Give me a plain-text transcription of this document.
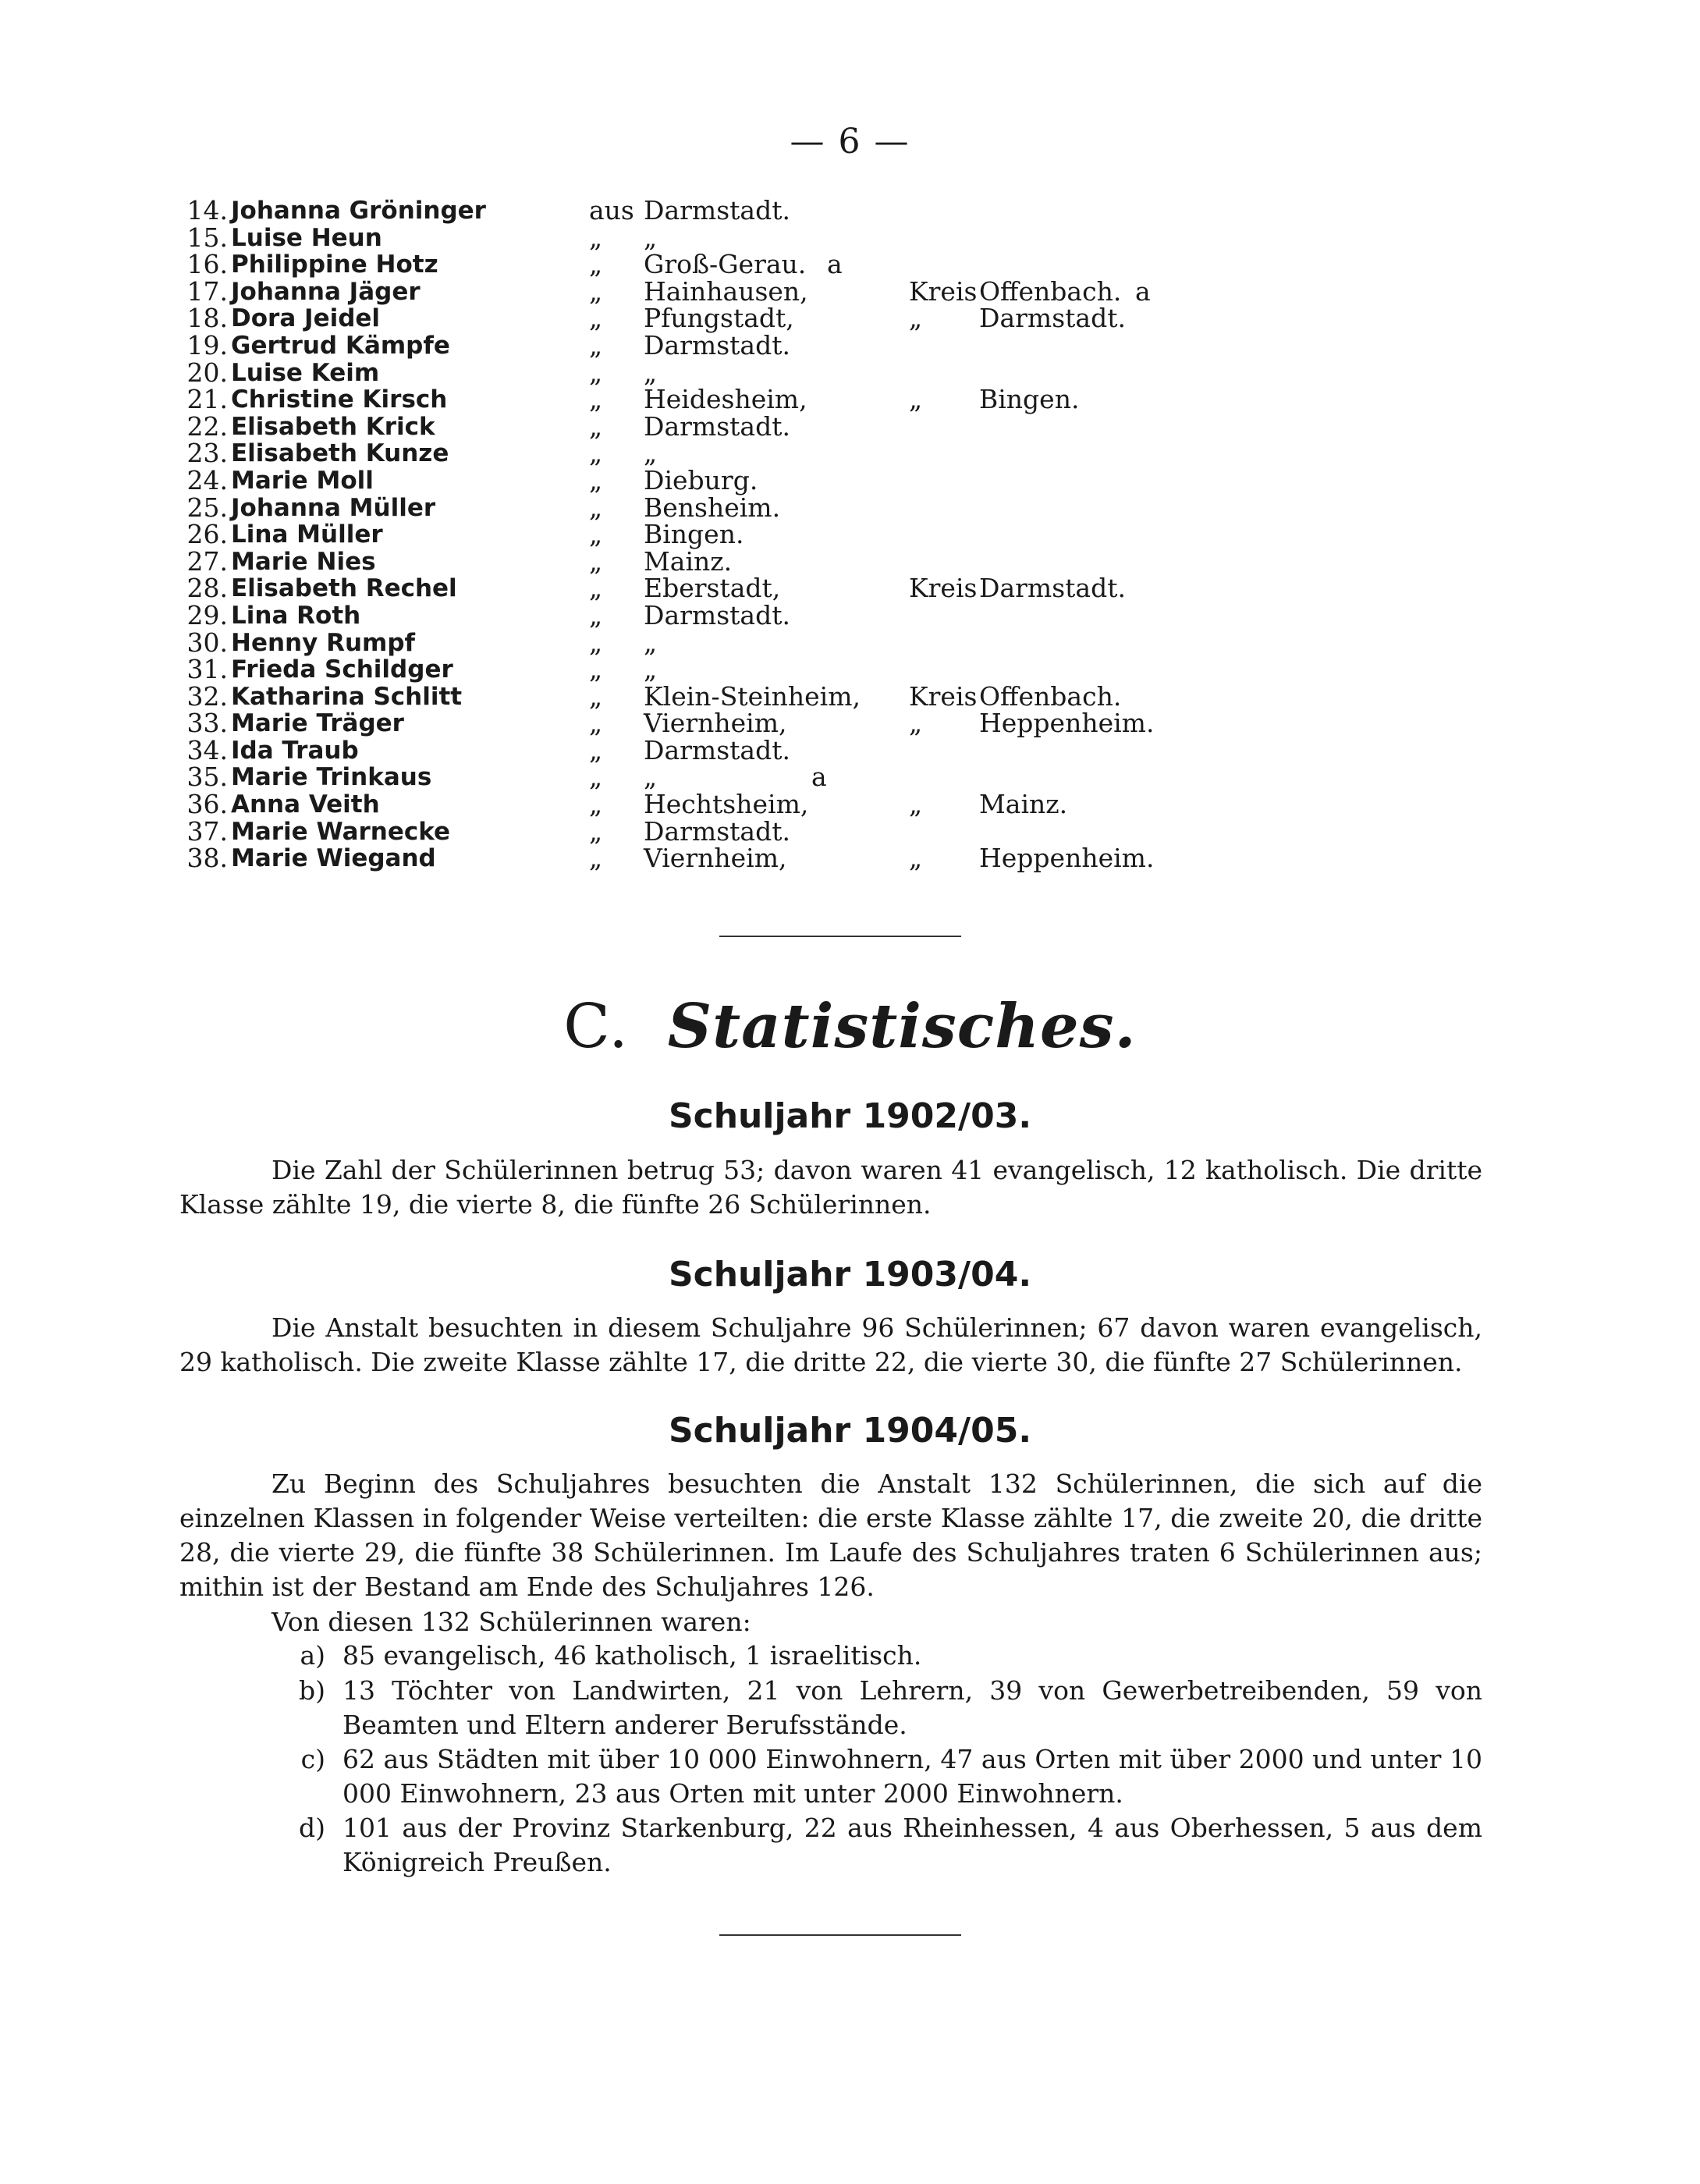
— 6 —
14. Johanna Gröninger	aus Darmstadt.
15. Luise Heun	„ „
16. Philippine Hotz	„ Groß-Gerau. a
17. Johanna Jäger	„ Hainhausen,	KreisOffenbach. a
18. Dora Jeidel	„ Pfungstadt,	„ Darmstadt.
19. Gertrud Kämpfe	„ Darmstadt.
20. Luise Keim	„ „
21. Christine Kirsch	„ Heidesheim,	„ Bingen.
22. Elisabeth Krick	„ Darmstadt.
23. Elisabeth Kunze	„ „
24. Marie Moll	„ Dieburg.
25. Johanna Müller	„ Bensheim.
26. Lina Müller	„ Bingen.
27. Marie Nies	„ Mainz.
28. Elisabeth Rechel	„ Eberstadt,	KreisDarmstadt.
29. Lina Roth	„ Darmstadt.
30. Henny Rumpf	„ „
31. Frieda Schildger	„ „
32. Katharina Schlitt	„ Klein-Steinheim, KreisOffenbach.
33. Marie Träger	„ Viernheim,	„ Heppenheim.
34. Ida Traub	„ Darmstadt.
35. Marie Trinkaus	„ „	a
36. Anna Veith	„ Hechtsheim,	„ Mainz.
37. Marie Warnecke	„ Darmstadt.
38. Marie Wiegand	„ Viernheim,	„ Heppenheim.
C. Statistisches.
Schuljahr 1902/03.
Die Zahl der Schülerinnen betrug 53; davon waren 41 evangelisch, 12 katholisch. Die dritte Klasse zählte 19, die vierte 8, die fünfte 26 Schülerinnen.
Schuljahr 1903/04.
Die Anstalt besuchten in diesem Schuljahre 96 Schülerinnen; 67 davon waren evangelisch, 29 katholisch. Die zweite Klasse zählte 17, die dritte 22, die vierte 30, die fünfte 27 Schülerinnen.
Schuljahr 1904/05.
Zu Beginn des Schuljahres besuchten die Anstalt 132 Schülerinnen, die sich auf die einzelnen Klassen in folgender Weise verteilten: die erste Klasse zählte 17, die zweite 20, die dritte 28, die vierte 29, die fünfte 38 Schülerinnen. Im Laufe des Schuljahres traten 6 Schülerinnen aus; mithin ist der Bestand am Ende des Schuljahres 126.
Von diesen 132 Schülerinnen waren:
a) 85 evangelisch, 46 katholisch, 1 israelitisch.
b) 13 Töchter von Landwirten, 21 von Lehrern, 39 von Gewerbetreibenden, 59 von Beamten und Eltern anderer Berufsstände.
c) 62 aus Städten mit über 10 000 Einwohnern, 47 aus Orten mit über 2000 und unter 10 000 Einwohnern, 23 aus Orten mit unter 2000 Einwohnern.
d) 101 aus der Provinz Starkenburg, 22 aus Rheinhessen, 4 aus Oberhessen, 5 aus dem Königreich Preußen.
